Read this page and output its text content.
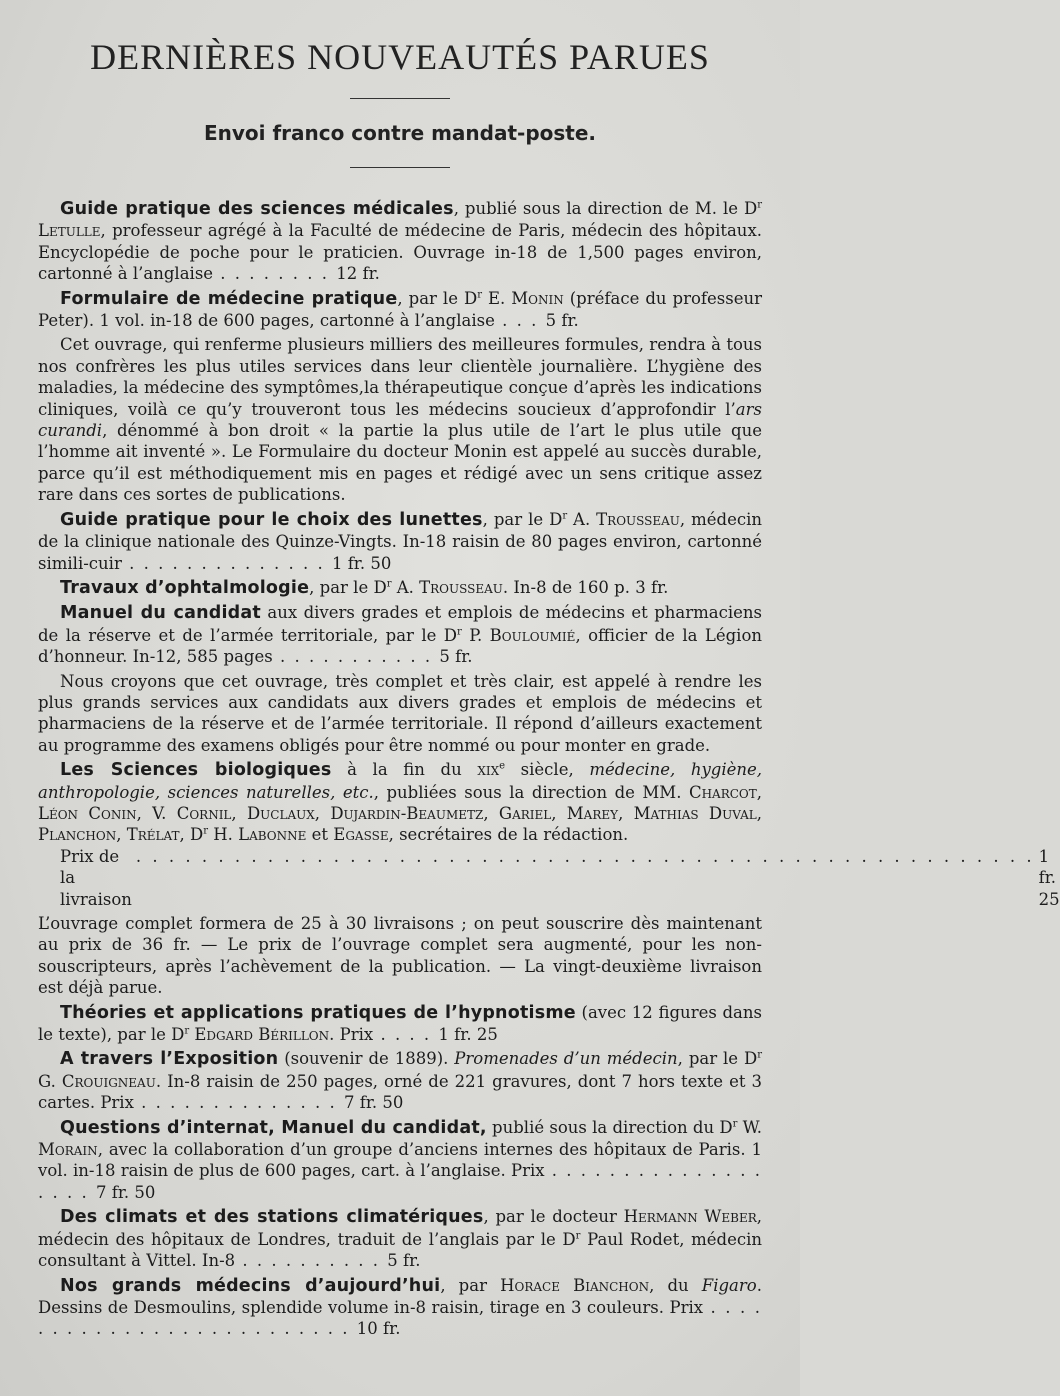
DERNIÈRES NOUVEAUTÉS PARUES
Envoi franco contre mandat-poste.

Guide pratique des sciences médicales, publié sous la direction de M. le $D^r$ Letulle, professeur agrégé à la Faculté de médecine de Paris, médecin des hôpitaux. Encyclopédie de poche pour le praticien. Ouvrage in-18 de 1,500 pages environ, cartonné à l’anglaise . . . . . . . . 12 fr.

Formulaire de médecine pratique, par le $D^r$ E. Monin (préface du professeur Peter). 1 vol. in-18 de 600 pages, cartonné à l’anglaise . . . 5 fr.

Cet ouvrage, qui renferme plusieurs milliers des meilleures formules, rendra à tous nos confrères les plus utiles services dans leur clientèle journalière. L’hygiène des maladies, la médecine des symptômes,la thérapeutique conçue d’après les indications cliniques, voilà ce qu’y trouveront tous les médecins soucieux d’approfondir l’ars curandi, dénommé à bon droit « la partie la plus utile de l’art le plus utile que l’homme ait inventé ». Le Formulaire du docteur Monin est appelé au succès durable, parce qu’il est méthodiquement mis en pages et rédigé avec un sens critique assez rare dans ces sortes de publications.

Guide pratique pour le choix des lunettes, par le $D^r$ A. Trousseau, médecin de la clinique nationale des Quinze-Vingts. In-18 raisin de 80 pages environ, cartonné simili-cuir . . . . . . . . . . . . . . 1 fr. 50

Travaux d’ophtalmologie, par le $D^r$ A. Trousseau. In-8 de 160 p. 3 fr.

Manuel du candidat aux divers grades et emplois de médecins et pharmaciens de la réserve et de l’armée territoriale, par le $D^r$ P. Bouloumié, officier de la Légion d’honneur. In-12, 585 pages . . . . . . . . . . . 5 fr.

Nous croyons que cet ouvrage, très complet et très clair, est appelé à rendre les plus grands services aux candidats aux divers grades et emplois de médecins et pharmaciens de la réserve et de l’armée territoriale. Il répond d’ailleurs exactement au programme des examens obligés pour être nommé ou pour monter en grade.

Les Sciences biologiques à la fin du xix$^e$ siècle, médecine, hygiène, anthropologie, sciences naturelles, etc., publiées sous la direction de MM. Charcot, Léon Conin, V. Cornil, Duclaux, Dujardin-Beaumetz, Gariel, Marey, Mathias Duval, Planchon, Trélat, $D^r$ H. Labonne et Egasse, secrétaires de la rédaction.

Prix de la livraison
. . . . . . . . . . . . . . . . . . . . . . . . . . . . . . . . . . . . . . . . . . . . . . . . . . . . . . . 1 fr. 25

L’ouvrage complet formera de 25 à 30 livraisons ; on peut souscrire dès maintenant au prix de 36 fr. — Le prix de l’ouvrage complet sera augmenté, pour les non-souscripteurs, après l’achèvement de la publication. — La vingt-deuxième livraison est déjà parue.

Théories et applications pratiques de l’hypnotisme (avec 12 figures dans le texte), par le $D^r$ Edgard Bérillon. Prix . . . . 1 fr. 25

A travers l’Exposition (souvenir de 1889). Promenades d’un médecin, par le $D^r$ G. Crouigneau. In-8 raisin de 250 pages, orné de 221 gravures, dont 7 hors texte et 3 cartes. Prix . . . . . . . . . . . . . . 7 fr. 50

Questions d’internat, Manuel du candidat, publié sous la direction du $D^r$ W. Morain, avec la collaboration d’un groupe d’anciens internes des hôpitaux de Paris. 1 vol. in-18 raisin de plus de 600 pages, cart. à l’anglaise. Prix . . . . . . . . . . . . . . . . . . . 7 fr. 50

Des climats et des stations climatériques, par le docteur Hermann Weber, médecin des hôpitaux de Londres, traduit de l’anglais par le $D^r$ Paul Rodet, médecin consultant à Vittel. In-8 . . . . . . . . . . 5 fr.

Nos grands médecins d’aujourd’hui, par Horace Bianchon, du Figaro. Dessins de Desmoulins, splendide volume in-8 raisin, tirage en 3 couleurs. Prix . . . . . . . . . . . . . . . . . . . . . . . . . . 10 fr.
